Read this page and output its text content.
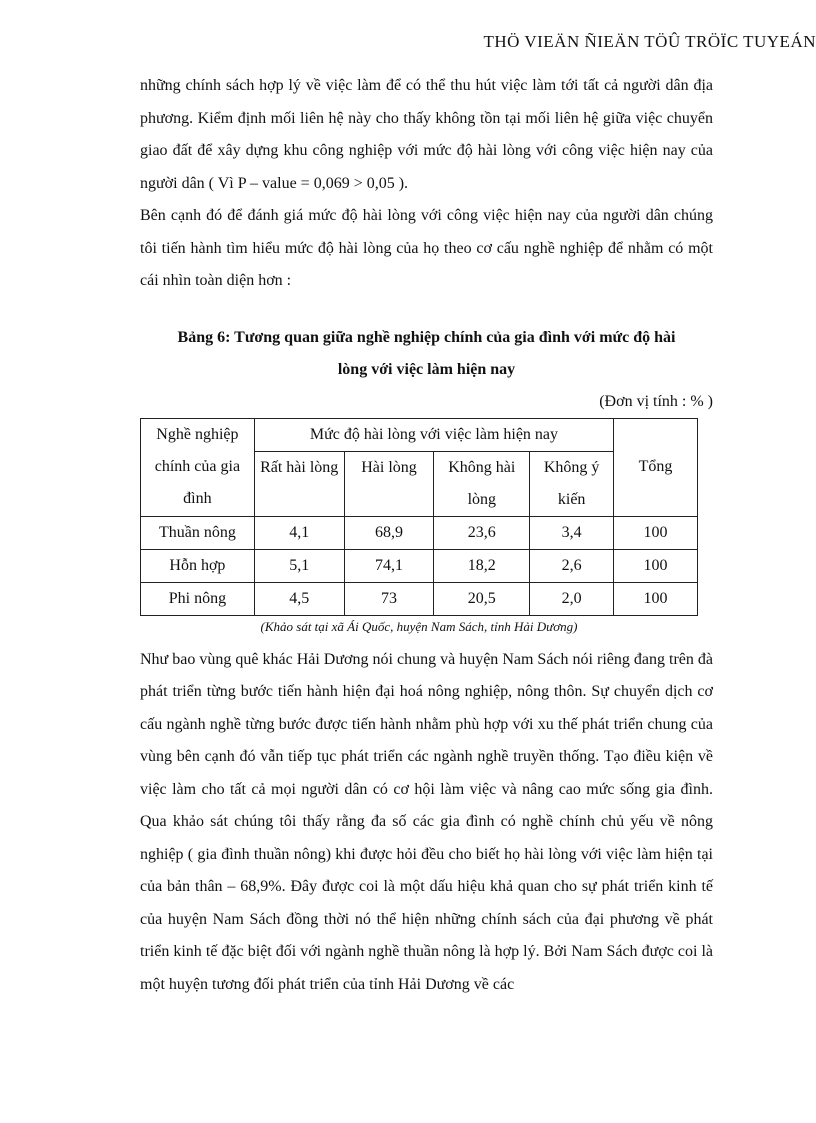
THÖ VIEÄN ÑIEÄN TÖÛ TRÖÏC TUYEÁN

những chính sách hợp lý về việc làm để có thể thu hút việc làm tới tất cả người dân địa phương. Kiểm định mối liên hệ này cho thấy không tồn tại mối liên hệ giữa việc chuyển giao đất để xây dựng khu công nghiệp với mức độ hài lòng với công việc hiện nay của người dân ( Vì P – value = 0,069 > 0,05 ).

Bên cạnh đó để đánh giá mức độ hài lòng với công việc hiện nay của người dân chúng tôi tiến hành tìm hiểu mức độ hài lòng của họ theo cơ cấu nghề nghiệp để nhằm có một cái nhìn toàn diện hơn :

Bảng 6: Tương quan giữa nghề nghiệp chính của gia đình với mức độ hài
lòng với việc làm hiện nay
(Đơn vị tính : % )
Nghề nghiệp chính của gia đình	Mức độ hài lòng với việc làm hiện nay				Tổng
	Rất hài lòng	Hài lòng	Không hài lòng	Không ý kiến	
Thuần nông	4,1	68,9	23,6	3,4	100
Hỗn hợp	5,1	74,1	18,2	2,6	100
Phi nông	4,5	73	20,5	2,0	100
(Khảo sát tại xã Ái Quốc, huyện Nam Sách, tỉnh Hải Dương)

Như bao vùng quê khác Hải Dương nói chung và huyện Nam Sách nói riêng đang trên đà phát triển từng bước tiến hành hiện đại hoá nông nghiệp, nông thôn. Sự chuyển dịch cơ cấu ngành nghề từng bước được tiến hành nhằm phù hợp với xu thế phát triển chung của vùng bên cạnh đó vẫn tiếp tục phát triển các ngành nghề truyền thống. Tạo điều kiện về việc làm cho tất cả mọi người dân có cơ hội làm việc và nâng cao mức sống gia đình. Qua khảo sát chúng tôi thấy rằng đa số các gia đình có nghề chính chủ yếu về nông nghiệp ( gia đình thuần nông) khi được hỏi đều cho biết họ hài lòng với việc làm hiện tại của bản thân – 68,9%. Đây được coi là một dấu hiệu khả quan cho sự phát triển kinh tế của huyện Nam Sách đồng thời nó thể hiện những chính sách của đại phương về phát triển kinh tế đặc biệt đối với ngành nghề thuần nông là hợp lý. Bởi Nam Sách được coi là một huyện tương đối phát triển của tỉnh Hải Dương về các
